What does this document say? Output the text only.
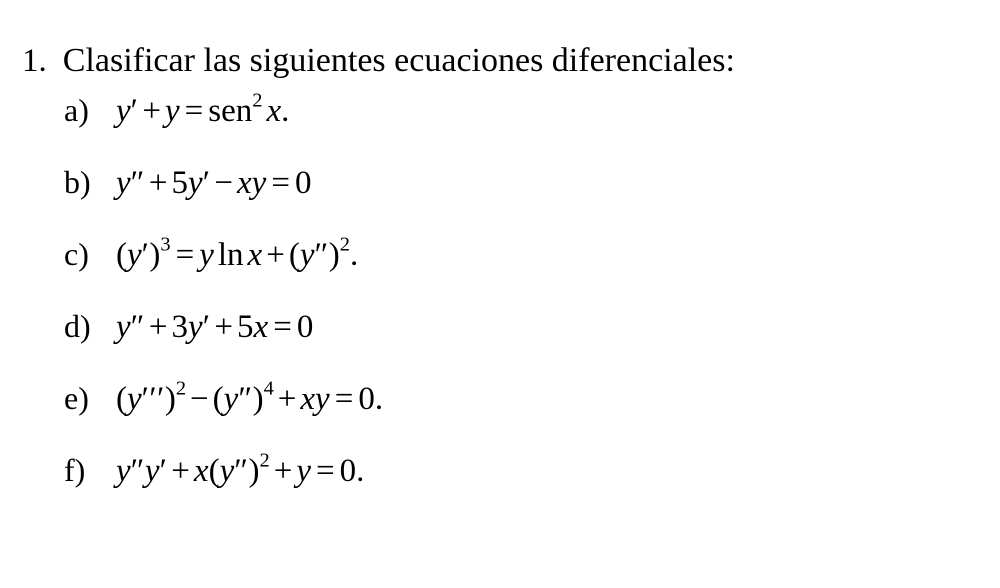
1. Clasificar las siguientes ecuaciones diferenciales:
a) y′ + y = sen$^2$ x.
b) y″ + 5y′ − xy = 0
c) $(y')^3 = y$ $\ln x + (y'')^2$.
d) y″ + 3y′ + 5x = 0
e) $(y''')^2 - (y'')^4$ + xy = 0.
f) $y''y' + x(y'')^2 + y = 0$.
